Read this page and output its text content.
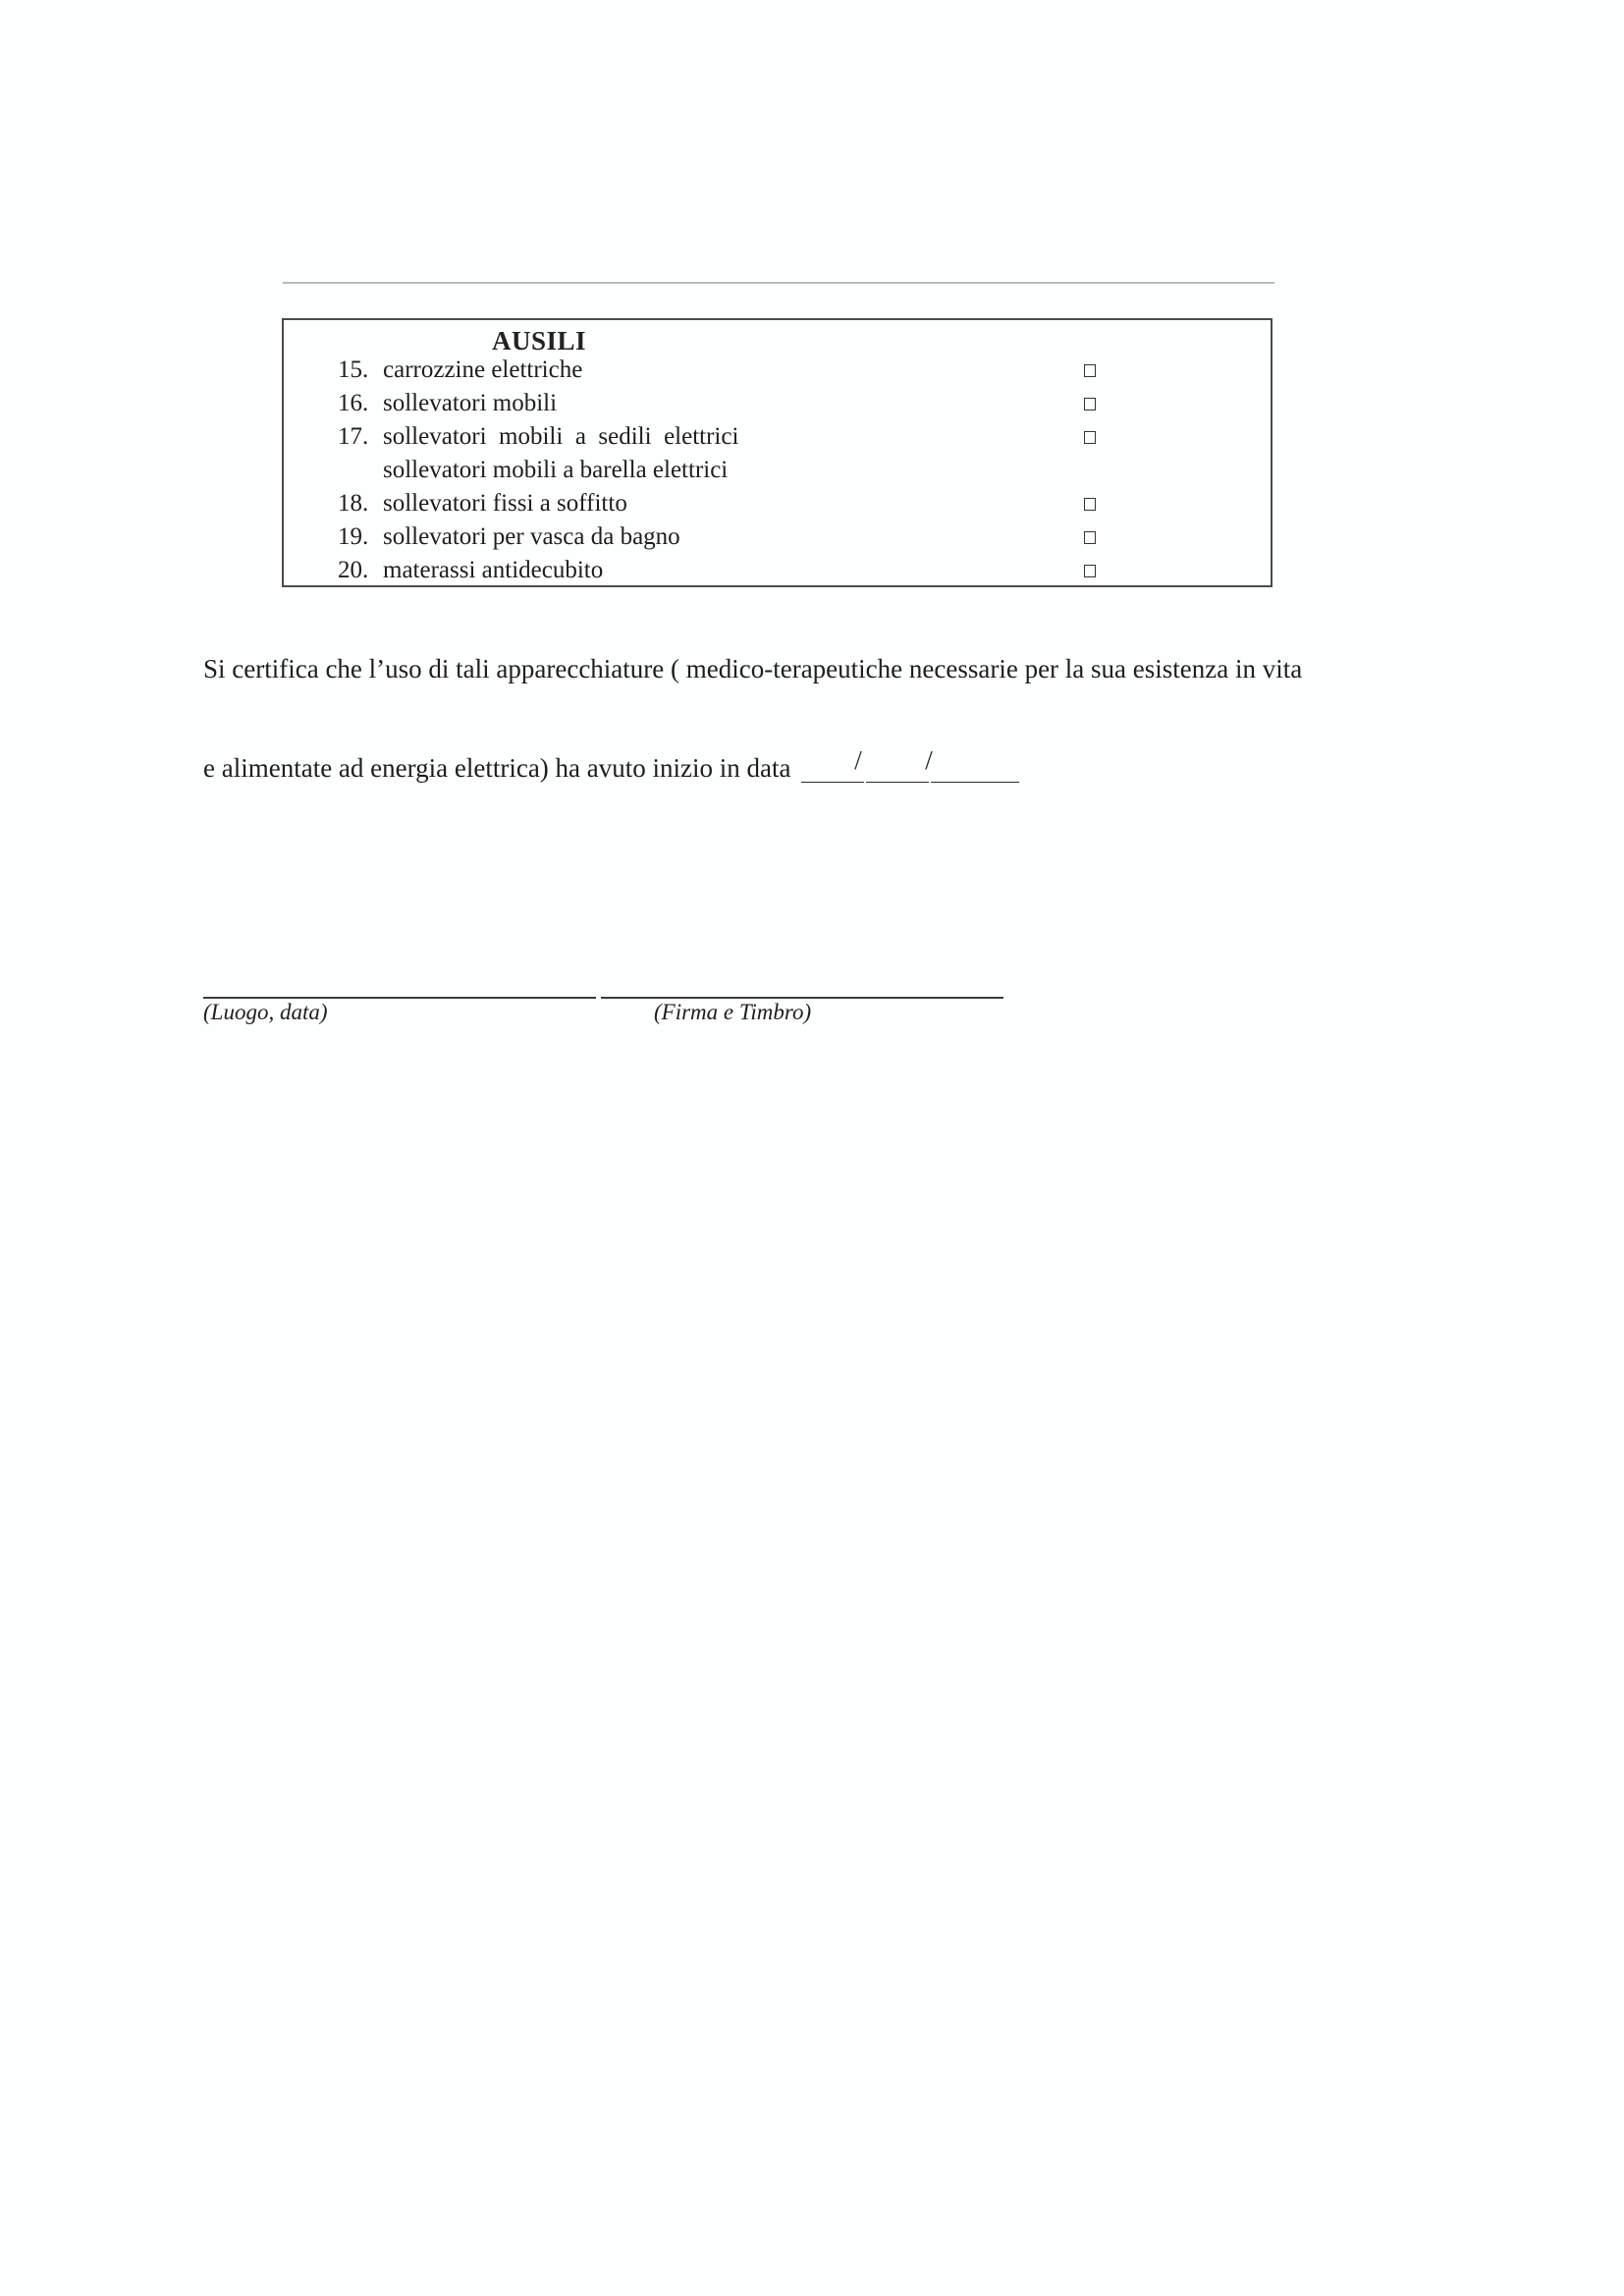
AUSILI
15. carrozzine elettriche
16. sollevatori mobili
17. sollevatori  mobili  a  sedili  elettrici
sollevatori mobili a barella elettrici
18. sollevatori fissi a soffitto
19. sollevatori per vasca da bagno
20. materassi antidecubito
Si certifica che l’uso di tali apparecchiature ( medico-terapeutiche necessarie per la sua esistenza in vita
e alimentate ad energia elettrica) ha avuto inizio in data / /
(Luogo, data)	(Firma e Timbro)
